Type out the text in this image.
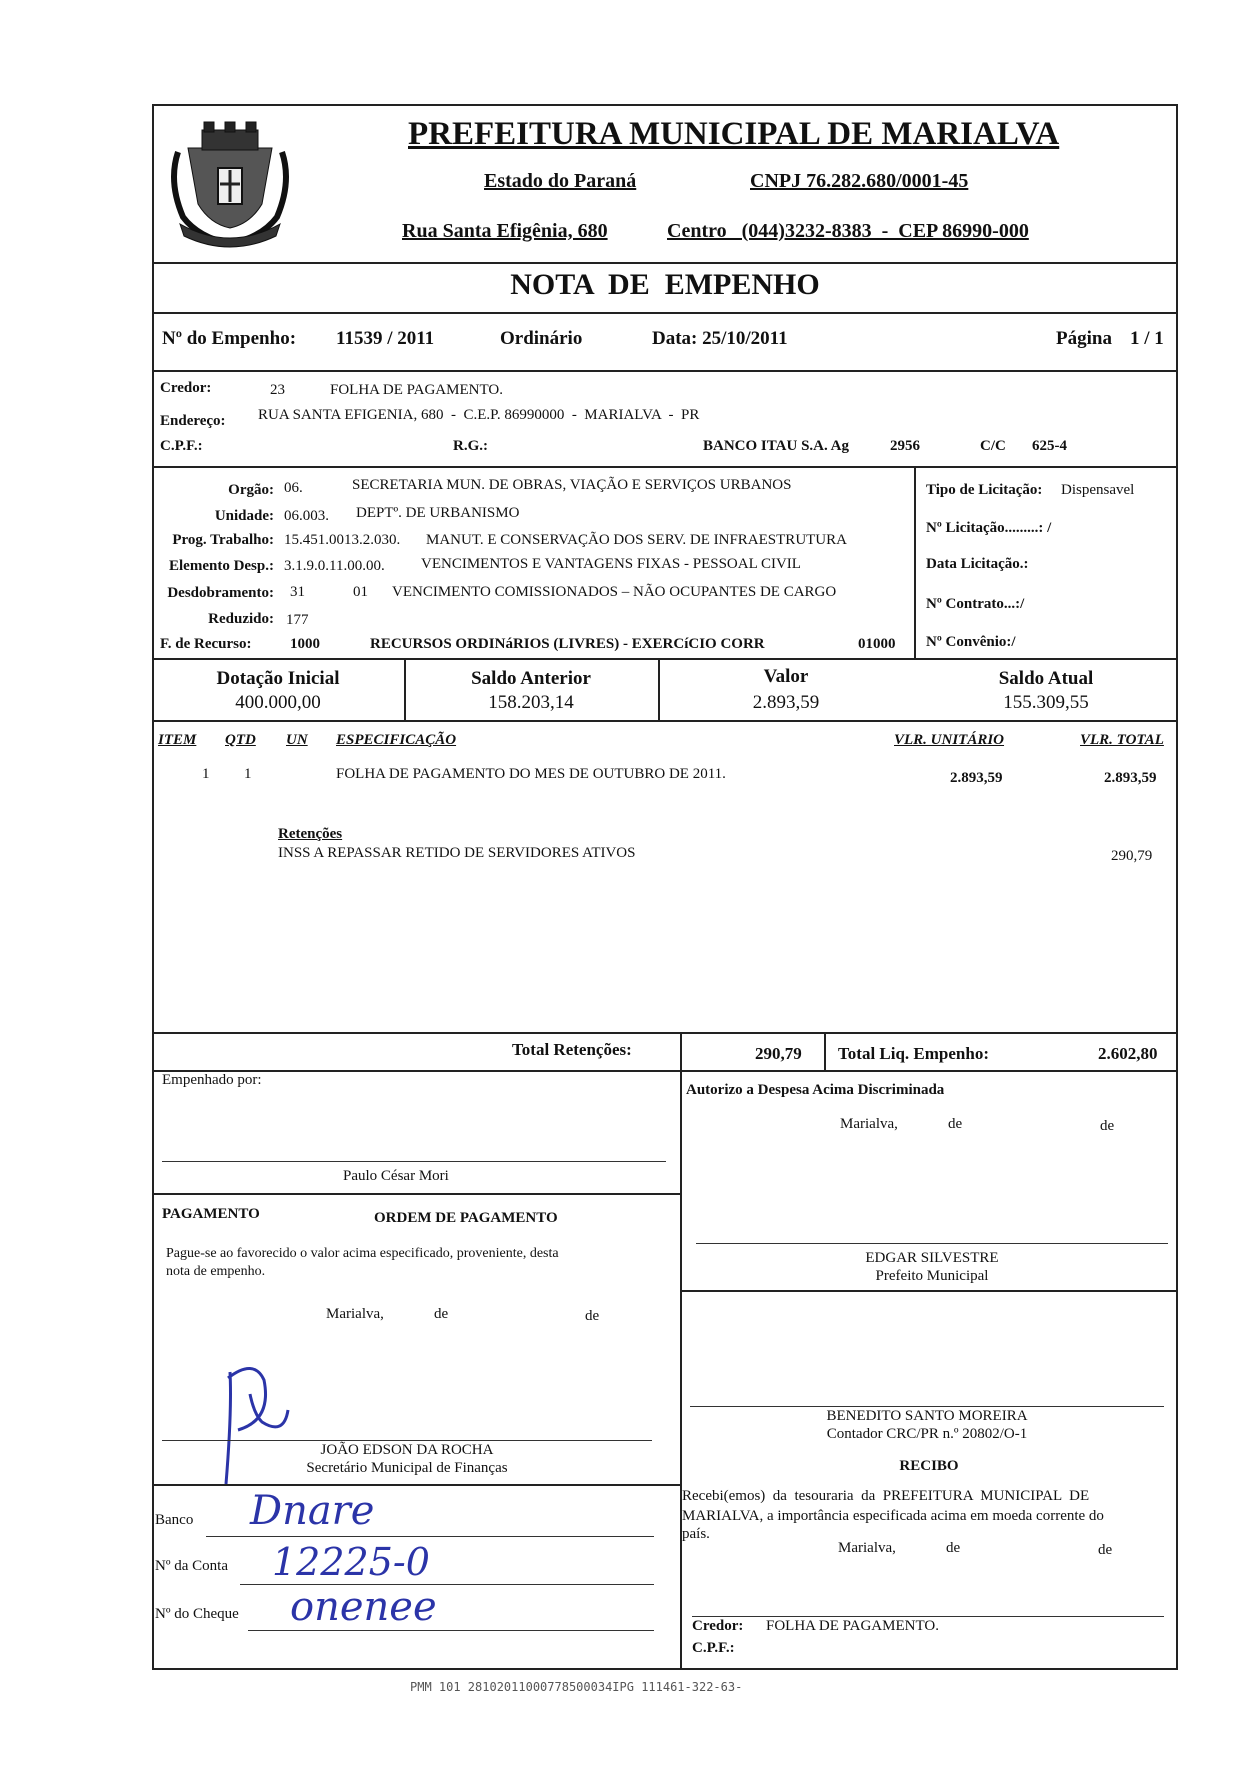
PREFEITURA MUNICIPAL DE MARIALVA
Estado do Paraná	CNPJ 76.282.680/0001-45
Rua Santa Efigênia, 680	Centro   (044)3232-8383  -  CEP 86990-000
NOTA  DE  EMPENHO
Nº do Empenho: 11539 / 2011	Ordinário	Data: 25/10/2011	Página 1 / 1
Credor:	23	FOLHA DE PAGAMENTO.
Endereço: RUA SANTA EFIGENIA, 680  -  C.E.P. 86990000  -  MARIALVA  -  PR
C.P.F.:	R.G.:	BANCO ITAU S.A. Ag	2956	C/C 625-4
Orgão: 06.	SECRETARIA MUN. DE OBRAS, VIAÇÃO E SERVIÇOS URBANOS
Unidade: 06.003. DEPTº. DE URBANISMO
Prog. Trabalho: 15.451.0013.2.030. MANUT. E CONSERVAÇÃO DOS SERV. DE INFRAESTRUTURA
Elemento Desp.: 3.1.9.0.11.00.00. VENCIMENTOS E VANTAGENS FIXAS - PESSOAL CIVIL
Desdobramento: 31	01 VENCIMENTO COMISSIONADOS – NÃO OCUPANTES DE CARGO
Reduzido: 177
F. de Recurso:	1000	RECURSOS ORDINáRIOS (LIVRES) - EXERCíCIO CORR	01000
Tipo de Licitação: Dispensavel
Nº Licitação.........: /
Data Licitação.:
Nº Contrato...:/
Nº Convênio:/
Dotação Inicial
400.000,00
Saldo Anterior
158.203,14
Valor
2.893,59
Saldo Atual
155.309,55
ITEM QTD UN ESPECIFICAÇÃO	VLR. UNITÁRIO	VLR. TOTAL
1 1	FOLHA DE PAGAMENTO DO MES DE OUTUBRO DE 2011.	2.893,59	2.893,59
Retenções
INSS A REPASSAR RETIDO DE SERVIDORES ATIVOS	290,79
Total Retenções:	290,79 Total Liq. Empenho:	2.602,80
Empenhado por:
Paulo César Mori
Autorizo a Despesa Acima Discriminada
Marialva,	de	de
EDGAR SILVESTRE
Prefeito Municipal
PAGAMENTO	ORDEM DE PAGAMENTO
Pague-se ao favorecido o valor acima especificado, proveniente, desta
nota de empenho.
Marialva,	de	de
JOÃO EDSON DA ROCHA
Secretário Municipal de Finanças
BENEDITO SANTO MOREIRA
Contador CRC/PR n.º 20802/O-1
RECIBO
Recebi(emos)  da  tesouraria  da  PREFEITURA  MUNICIPAL  DE
MARIALVA, a importância especificada acima em moeda corrente do
país.
Marialva,	de	de
Credor: FOLHA DE PAGAMENTO.
C.P.F.:
Banco Dnare
Nº da Conta 12225-0
Nº do Cheque onenee
PMM 101 28102011000778500034IPG 111461-322-63-
